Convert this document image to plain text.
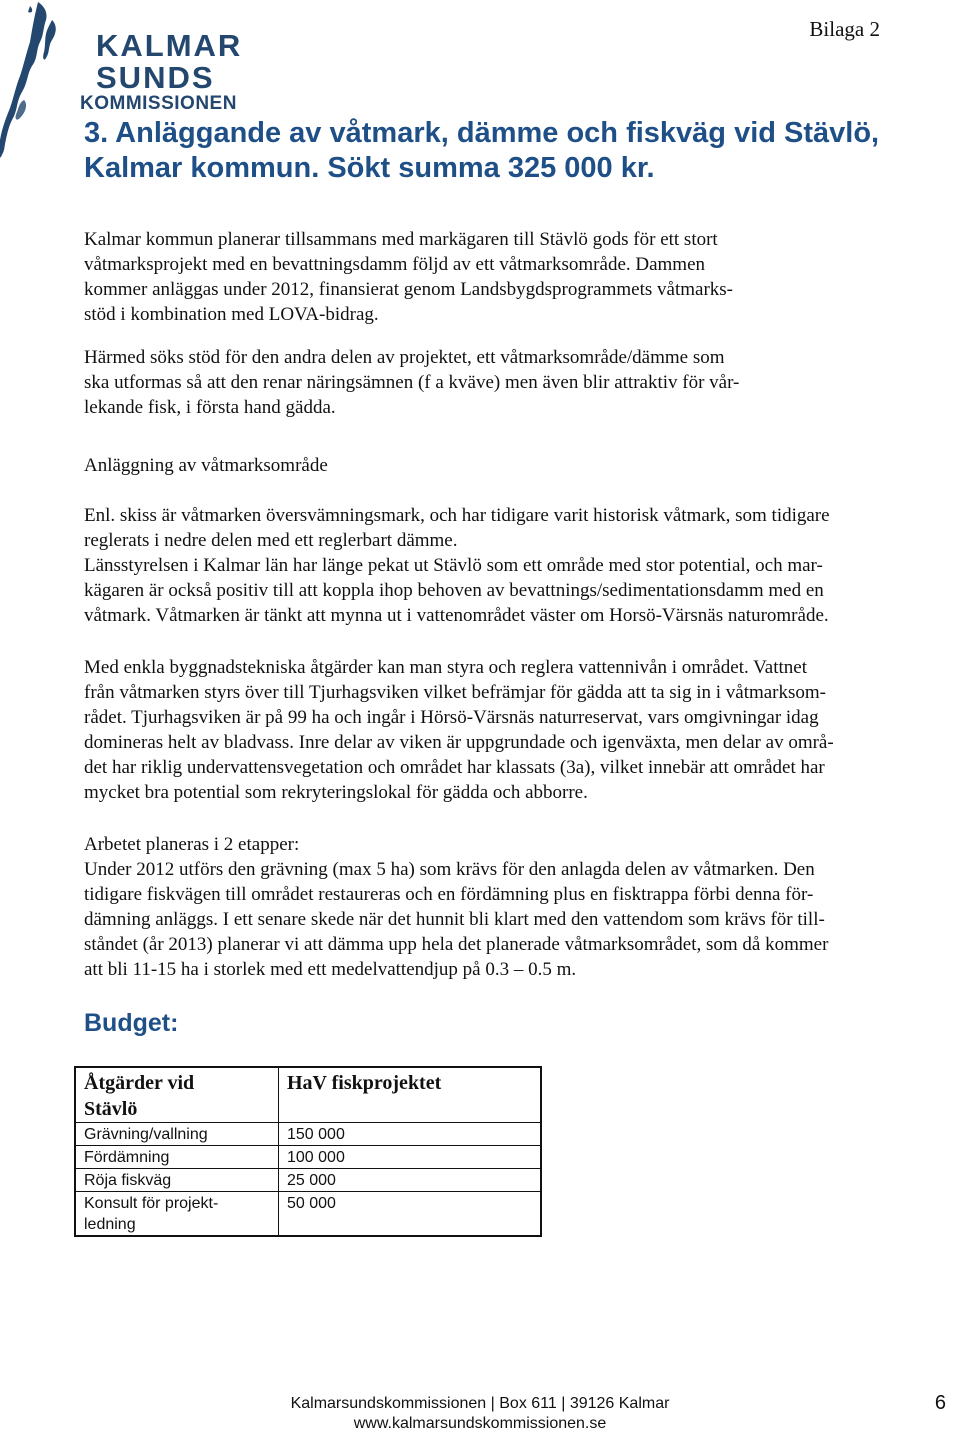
KALMAR
SUNDS
KOMMISSIONEN
Bilaga 2
3. Anläggande av våtmark, dämme och fiskväg vid Stävlö,
Kalmar kommun. Sökt summa 325 000 kr.
Kalmar kommun planerar tillsammans med markägaren till Stävlö gods för ett stort
våtmarksprojekt med en bevattningsdamm följd av ett våtmarksområde. Dammen
kommer anläggas under 2012, finansierat genom Landsbygdsprogrammets våtmarks-
stöd i kombination med LOVA-bidrag.
Härmed söks stöd för den andra delen av projektet, ett våtmarksområde/dämme som
ska utformas så att den renar näringsämnen (f a kväve) men även blir attraktiv för vår-
lekande fisk, i första hand gädda.
Anläggning av våtmarksområde
Enl. skiss är våtmarken översvämningsmark, och har tidigare varit historisk våtmark, som tidigare
reglerats i nedre delen med ett reglerbart dämme.
Länsstyrelsen i Kalmar län har länge pekat ut Stävlö som ett område med stor potential, och mar-
kägaren är också positiv till att koppla ihop behoven av bevattnings/sedimentationsdamm med en
våtmark. Våtmarken är tänkt att mynna ut i vattenområdet väster om Horsö-Värsnäs naturområde.
Med enkla byggnadstekniska åtgärder kan man styra och reglera vattennivån i området. Vattnet
från våtmarken styrs över till Tjurhagsviken vilket befrämjar för gädda att ta sig in i våtmarksom-
rådet. Tjurhagsviken är på 99 ha och ingår i Hörsö-Värsnäs naturreservat, vars omgivningar idag
domineras helt av bladvass. Inre delar av viken är uppgrundade och igenväxta, men delar av områ-
det har riklig undervattensvegetation och området har klassats (3a), vilket innebär att området har
mycket bra potential som rekryteringslokal för gädda och abborre.
Arbetet planeras i 2 etapper:
Under 2012 utförs den grävning (max 5 ha) som krävs för den anlagda delen av våtmarken. Den
tidigare fiskvägen till området restaureras och en fördämning plus en fisktrappa förbi denna för-
dämning anläggs. I ett senare skede när det hunnit bli klart med den vattendom som krävs för till-
ståndet (år 2013) planerar vi att dämma upp hela det planerade våtmarksområdet, som då kommer
att bli 11-15 ha i storlek med ett medelvattendjup på 0.3 – 0.5 m.
Budget:
Åtgärder vid
Stävlö	HaV fiskprojektet
Grävning/vallning	150 000
Fördämning	100 000
Röja fiskväg	25 000

Konsult för projekt-
ledning	50 000
Kalmarsundskommissionen | Box 611 | 39126 Kalmar
www.kalmarsundskommissionen.se
6
